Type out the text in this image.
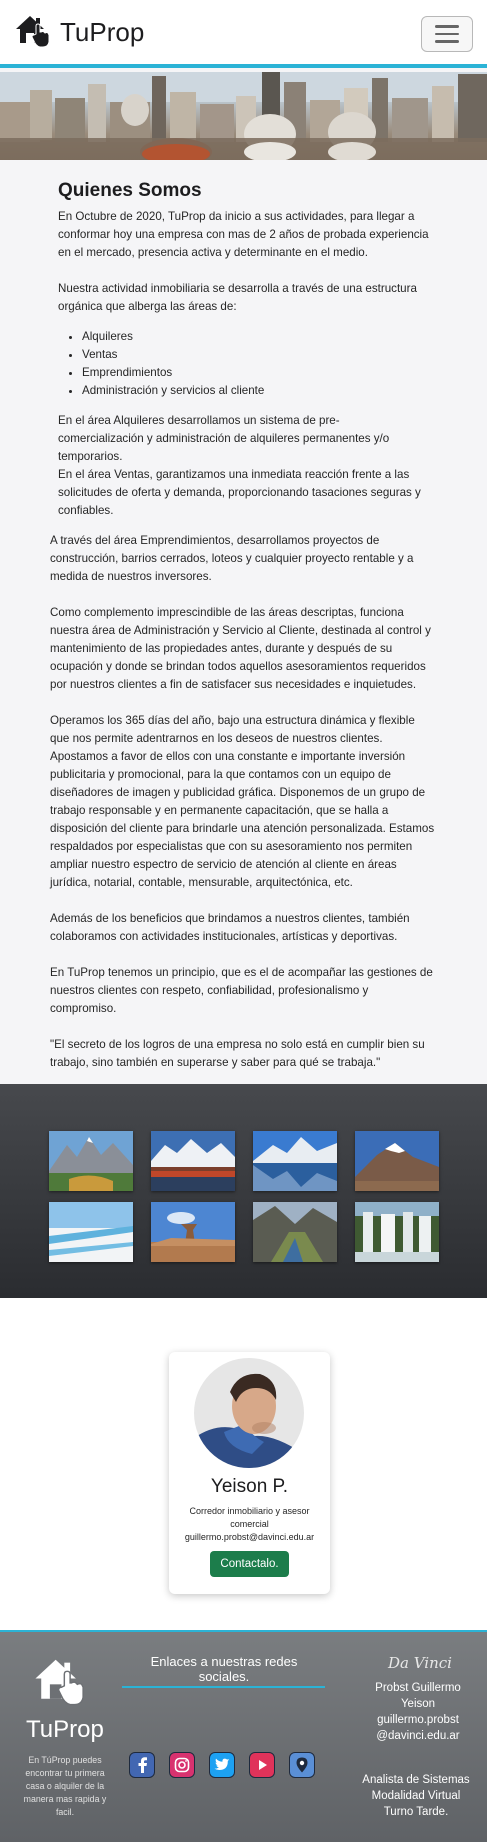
TuProp
Quienes Somos

En Octubre de 2020, TuProp da inicio a sus actividades, para llegar a conformar hoy una empresa con mas de 2 años de probada experiencia en el mercado, presencia activa y determinante en el medio.

Nuestra actividad inmobiliaria se desarrolla a través de una estructura orgánica que alberga las áreas de:

• Alquileres
• Ventas
• Emprendimientos
• Administración y servicios al cliente

En el área Alquileres desarrollamos un sistema de pre-comercialización y administración de alquileres permanentes y/o temporarios.

En el área Ventas, garantizamos una inmediata reacción frente a las solicitudes de oferta y demanda, proporcionando tasaciones seguras y confiables.

A través del área Emprendimientos, desarrollamos proyectos de construcción, barrios cerrados, loteos y cualquier proyecto rentable y a medida de nuestros inversores.

Como complemento imprescindible de las áreas descriptas, funciona nuestra área de Administración y Servicio al Cliente, destinada al control y mantenimiento de las propiedades antes, durante y después de su ocupación y donde se brindan todos aquellos asesoramientos requeridos por nuestros clientes a fin de satisfacer sus necesidades e inquietudes.

Operamos los 365 días del año, bajo una estructura dinámica y flexible que nos permite adentrarnos en los deseos de nuestros clientes. Apostamos a favor de ellos con una constante e importante inversión publicitaria y promocional, para la que contamos con un equipo de diseñadores de imagen y publicidad gráfica. Disponemos de un grupo de trabajo responsable y en permanente capacitación, que se halla a disposición del cliente para brindarle una atención personalizada. Estamos respaldados por especialistas que con su asesoramiento nos permiten ampliar nuestro espectro de servicio de atención al cliente en áreas jurídica, notarial, contable, mensurable, arquitectónica, etc.

Además de los beneficios que brindamos a nuestros clientes, también colaboramos con actividades institucionales, artísticas y deportivas.

En TuProp tenemos un principio, que es el de acompañar las gestiones de nuestros clientes con respeto, confiabilidad, profesionalismo y compromiso.

"El secreto de los logros de una empresa no solo está en cumplir bien su trabajo, sino también en superarse y saber para qué se trabaja."

Yeison P.
Corredor inmobiliario y asesor comercial
guillermo.probst@davinci.edu.ar
Contactalo.
TuProp
En TúProp puedes encontrar tu primera casa o alquiler de la manera mas rapida y facil.
Enlaces a nuestras redes sociales.
Da Vinci
Probst Guillermo
Yeison
guillermo.probst
@davinci.edu.ar
Analista de Sistemas
Modalidad Virtual
Turno Tarde.
